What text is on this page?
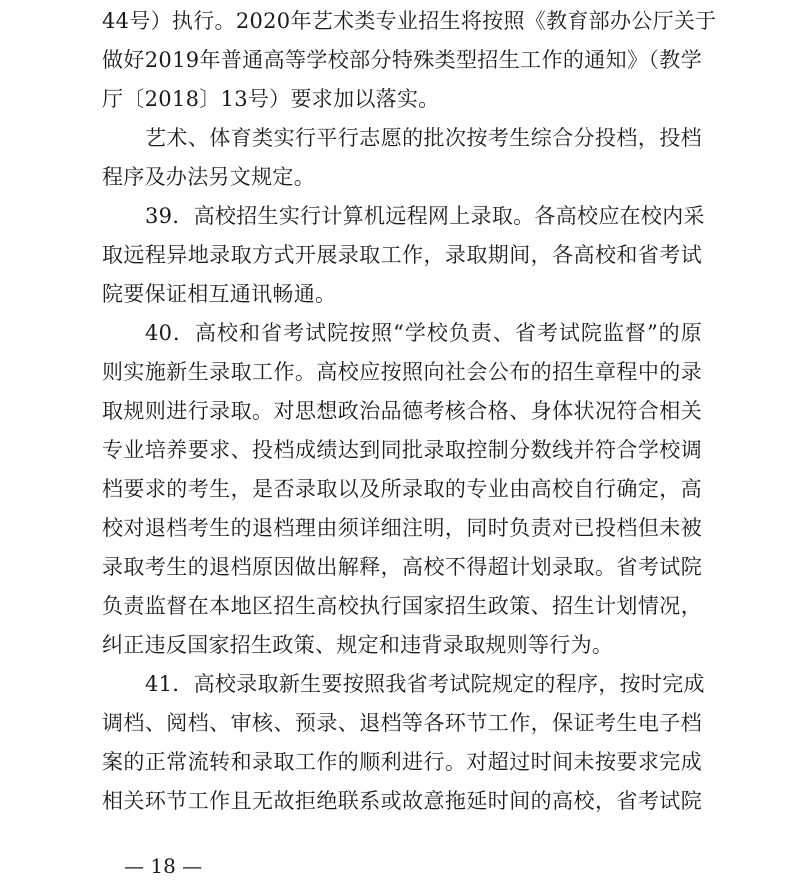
44号）执行。2020年艺术类专业招生将按照《教育部办公厅关于
做好2019年普通高等学校部分特殊类型招生工作的通知》（教学
厅〔2018〕13号）要求加以落实。
艺术、体育类实行平行志愿的批次按考生综合分投档，投档
程序及办法另文规定。
39．高校招生实行计算机远程网上录取。各高校应在校内采
取远程异地录取方式开展录取工作，录取期间，各高校和省考试
院要保证相互通讯畅通。
40．高校和省考试院按照“学校负责、省考试院监督”的原
则实施新生录取工作。高校应按照向社会公布的招生章程中的录
取规则进行录取。对思想政治品德考核合格、身体状况符合相关
专业培养要求、投档成绩达到同批录取控制分数线并符合学校调
档要求的考生，是否录取以及所录取的专业由高校自行确定，高
校对退档考生的退档理由须详细注明，同时负责对已投档但未被
录取考生的退档原因做出解释，高校不得超计划录取。省考试院
负责监督在本地区招生高校执行国家招生政策、招生计划情况，
纠正违反国家招生政策、规定和违背录取规则等行为。
41．高校录取新生要按照我省考试院规定的程序，按时完成
调档、阅档、审核、预录、退档等各环节工作，保证考生电子档
案的正常流转和录取工作的顺利进行。对超过时间未按要求完成
相关环节工作且无故拒绝联系或故意拖延时间的高校，省考试院
— 18 —
